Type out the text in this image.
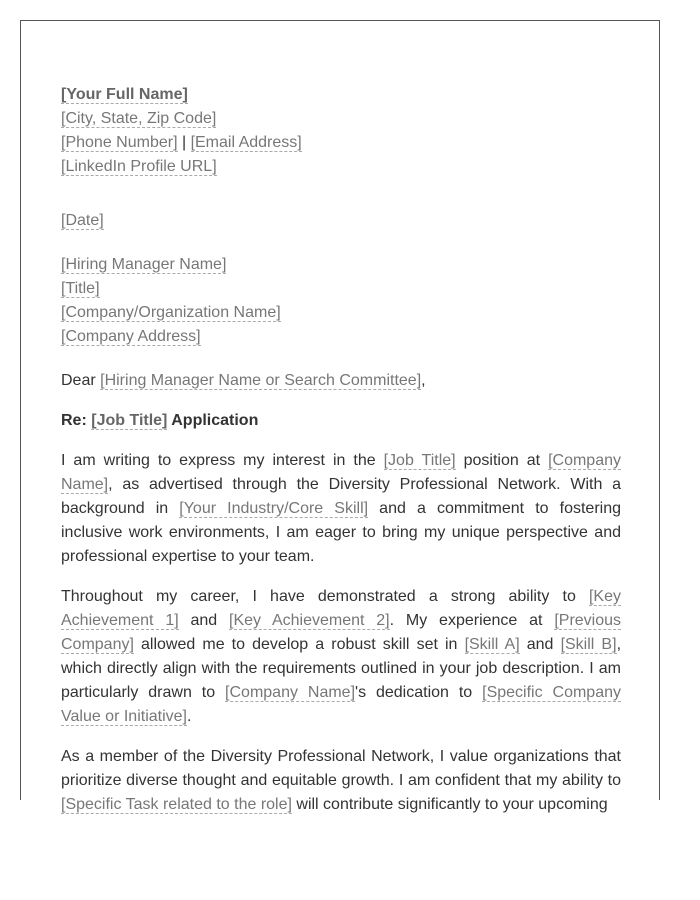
[Your Full Name]
[City, State, Zip Code]
[Phone Number] | [Email Address]
[LinkedIn Profile URL]
[Date]
[Hiring Manager Name]
[Title]
[Company/Organization Name]
[Company Address]
Dear [Hiring Manager Name or Search Committee],
Re: [Job Title] Application

I am writing to express my interest in the [Job Title] position at [Company Name], as advertised through the Diversity Professional Network. With a background in [Your Industry/Core Skill] and a commitment to fostering inclusive work environments, I am eager to bring my unique perspective and professional expertise to your team.

Throughout my career, I have demonstrated a strong ability to [Key Achievement 1] and [Key Achievement 2]. My experience at [Previous Company] allowed me to develop a robust skill set in [Skill A] and [Skill B], which directly align with the requirements outlined in your job description. I am particularly drawn to [Company Name]'s dedication to [Specific Company Value or Initiative].

As a member of the Diversity Professional Network, I value organizations that prioritize diverse thought and equitable growth. I am confident that my ability to [Specific Task related to the role] will contribute significantly to your upcoming
